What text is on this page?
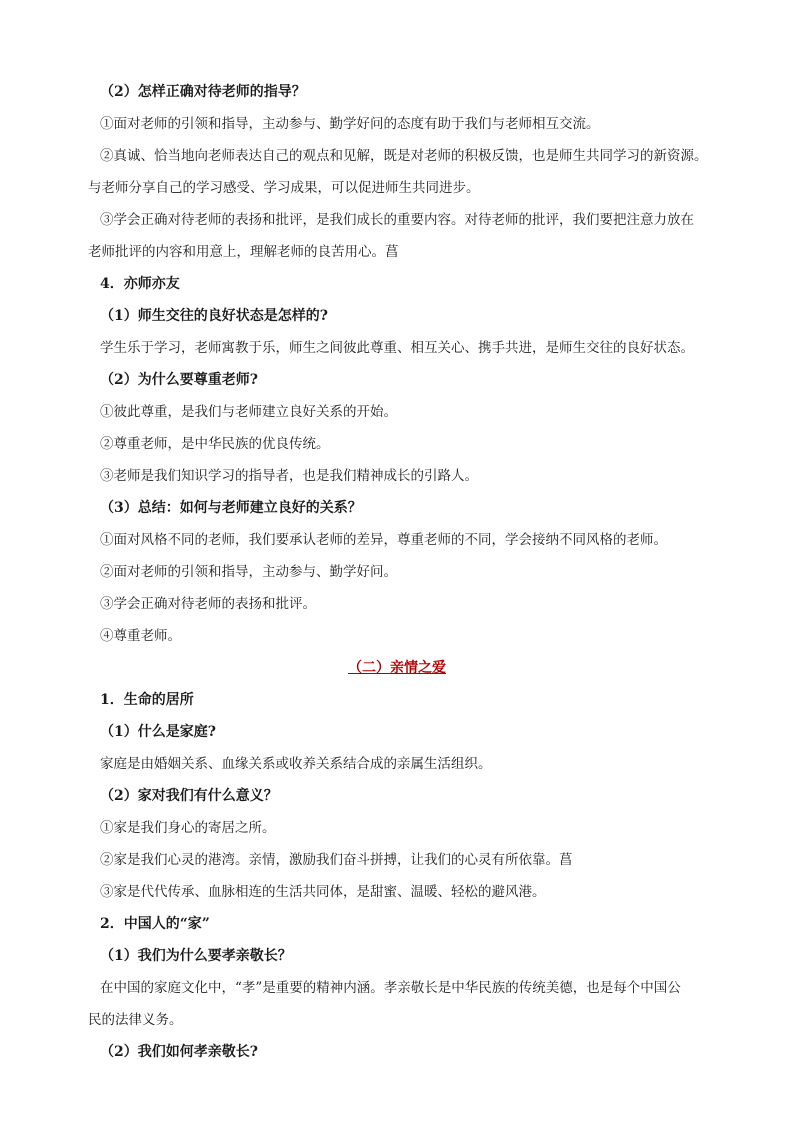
（2）怎样正确对待老师的指导？
①面对老师的引领和指导，主动参与、勤学好问的态度有助于我们与老师相互交流。
②真诚、恰当地向老师表达自己的观点和见解，既是对老师的积极反馈，也是师生共同学习的新资源。
与老师分享自己的学习感受、学习成果，可以促进师生共同进步。
③学会正确对待老师的表扬和批评，是我们成长的重要内容。对待老师的批评，我们要把注意力放在
老师批评的内容和用意上，理解老师的良苦用心。菖
4．亦师亦友
（1）师生交往的良好状态是怎样的?
学生乐于学习，老师寓教于乐，师生之间彼此尊重、相互关心、携手共进，是师生交往的良好状态。
（2）为什么要尊重老师?
①彼此尊重，是我们与老师建立良好关系的开始。
②尊重老师，是中华民族的优良传统。
③老师是我们知识学习的指导者，也是我们精神成长的引路人。
（3）总结：如何与老师建立良好的关系？
①面对风格不同的老师，我们要承认老师的差异，尊重老师的不同，学会接纳不同风格的老师。
②面对老师的引领和指导，主动参与、勤学好问。
③学会正确对待老师的表扬和批评。
④尊重老师。
（二）亲情之爱
1．生命的居所
（1）什么是家庭?
家庭是由婚姻关系、血缘关系或收养关系结合成的亲属生活组织。
（2）家对我们有什么意义？
①家是我们身心的寄居之所。
②家是我们心灵的港湾。亲情，激励我们奋斗拼搏，让我们的心灵有所依靠。菖
③家是代代传承、血脉相连的生活共同体，是甜蜜、温暖、轻松的避风港。
2．中国人的“家”
（1）我们为什么要孝亲敬长？
在中国的家庭文化中，“孝”是重要的精神内涵。孝亲敬长是中华民族的传统美德，也是每个中国公
民的法律义务。
（2）我们如何孝亲敬长?
